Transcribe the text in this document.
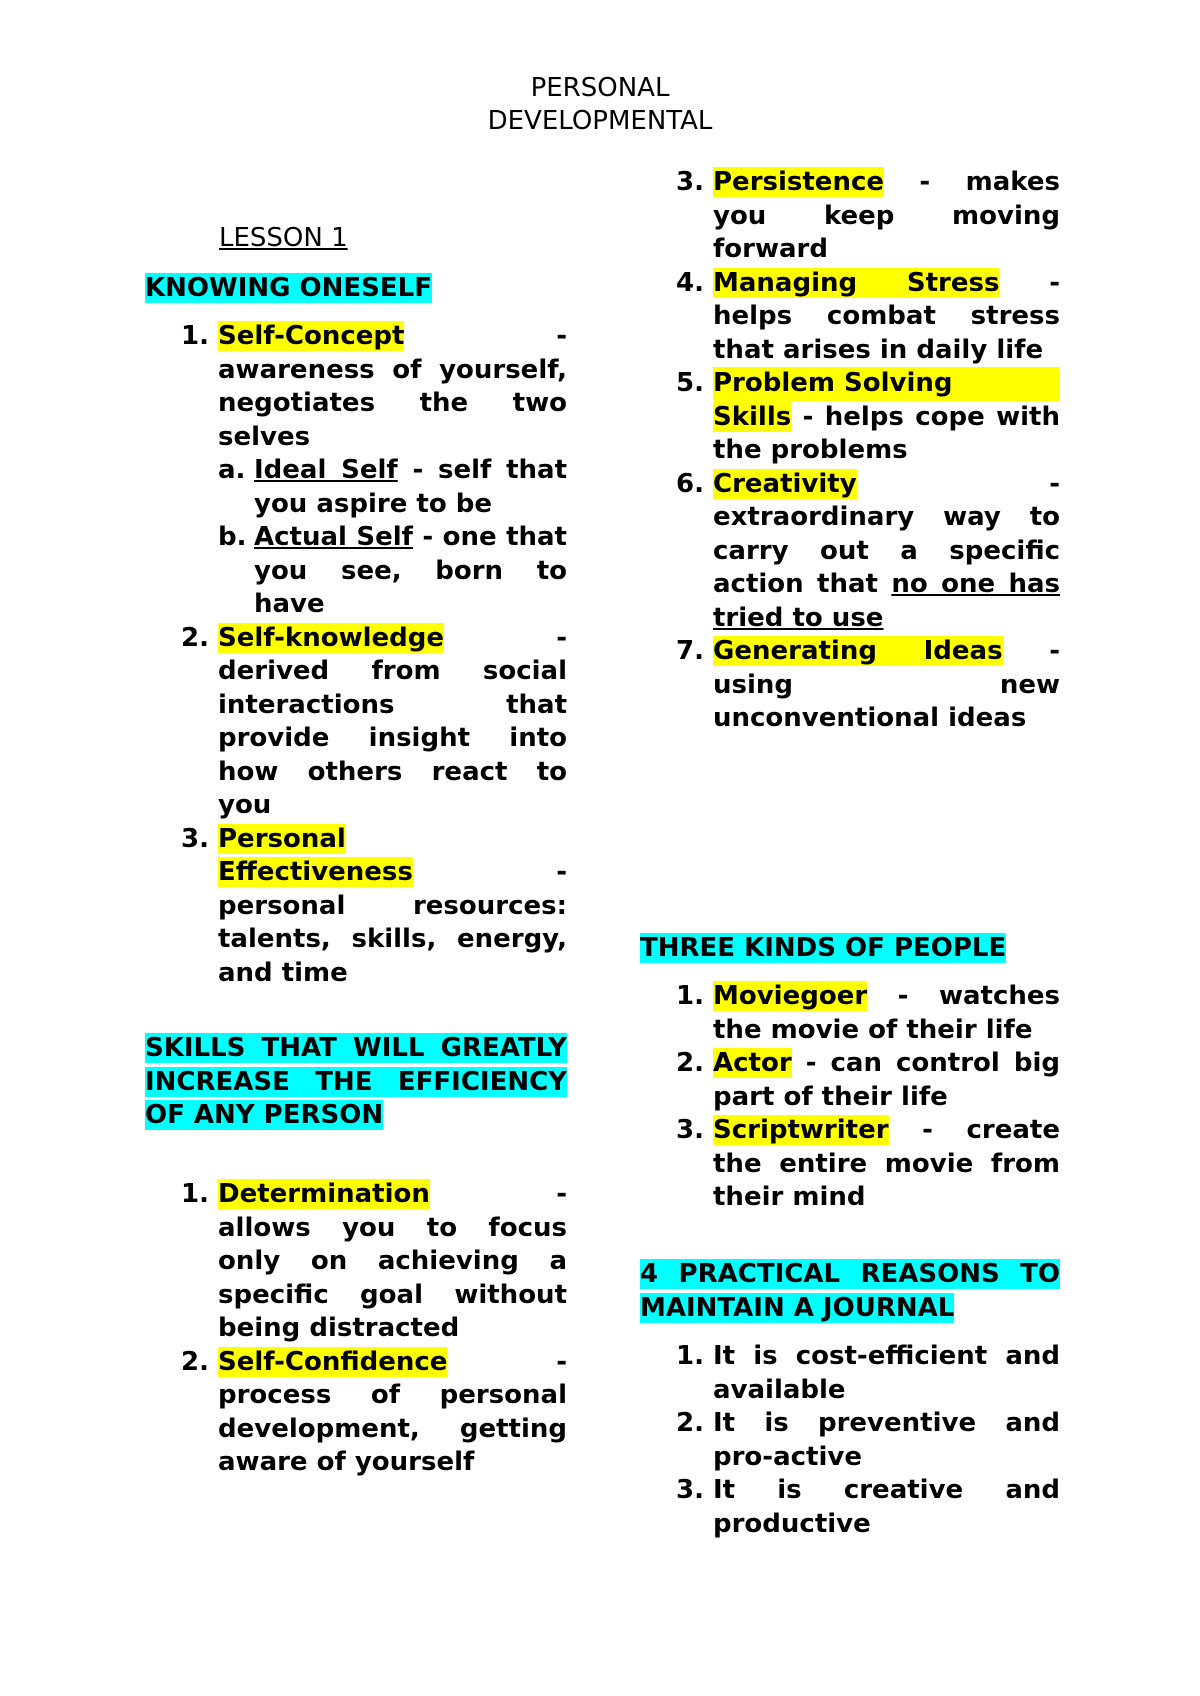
PERSONAL
DEVELOPMENTAL
LESSON 1
KNOWING ONESELF
1. Self-Concept	-

awareness of yourself, negotiates the two selves
a. Ideal Self - self that you aspire to be
b. Actual Self - one that you see, born to have
2. Self-knowledge	-

derived from social interactions that provide insight into how others react to you
3. Personal
Effectiveness	-

personal resources: talents, skills, energy, and time
SKILLS THAT WILL GREATLY INCREASE THE EFFICIENCY OF ANY PERSON
1. Determination	-

allows you to focus only on achieving a specific goal without being distracted
2. Self-Confidence	-

process of personal development, getting aware of yourself
3. Persistence - makes you keep moving forward
4. Managing Stress - helps combat stress that arises in daily life
5. Problem Solving
Skills - helps cope with the problems
6. Creativity	-

extraordinary way to carry out a specific action that no one has tried to use
7. Generating Ideas - using new unconventional ideas
THREE KINDS OF PEOPLE
1. Moviegoer - watches the movie of their life
2. Actor - can control big part of their life
3. Scriptwriter - create the entire movie from their mind
4 PRACTICAL REASONS TO MAINTAIN A JOURNAL
1. It is cost-efficient and available
2. It is preventive and pro-active
3. It is creative and productive
